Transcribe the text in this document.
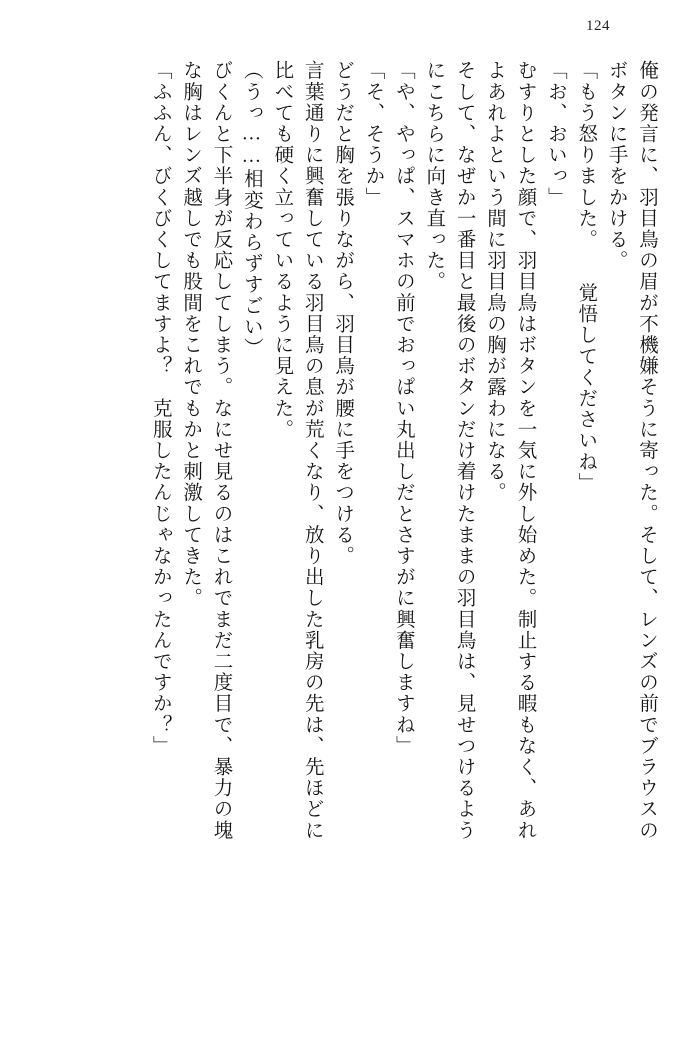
124
俺の発言に、羽目鳥の眉が不機嫌そうに寄った。そして、レンズの前でブラウスの
ボタンに手をかける。
「もう怒りました。　　覚悟してくださいね」
「お、おいっ」
むすりとした顔で、羽目鳥はボタンを一気に外し始めた。制止する暇もなく、あれ
よあれよという間に羽目鳥の胸が露わになる。
そして、なぜか一番目と最後のボタンだけ着けたままの羽目鳥は、見せつけるよう
にこちらに向き直った。
「や、やっぱ、スマホの前でおっぱい丸出しだとさすがに興奮しますね」
「そ、そうか」
どうだと胸を張りながら、羽目鳥が腰に手をつける。
言葉通りに興奮している羽目鳥の息が荒くなり、放り出した乳房の先は、先ほどに
比べても硬く立っているように見えた。
（うっ……相変わらずすごい）
びくんと下半身が反応してしまう。なにせ見るのはこれでまだ二度目で、暴力の塊
な胸はレンズ越しでも股間をこれでもかと刺激してきた。
「ふふん、びくびくしてますよ？　克服したんじゃなかったんですか？」
